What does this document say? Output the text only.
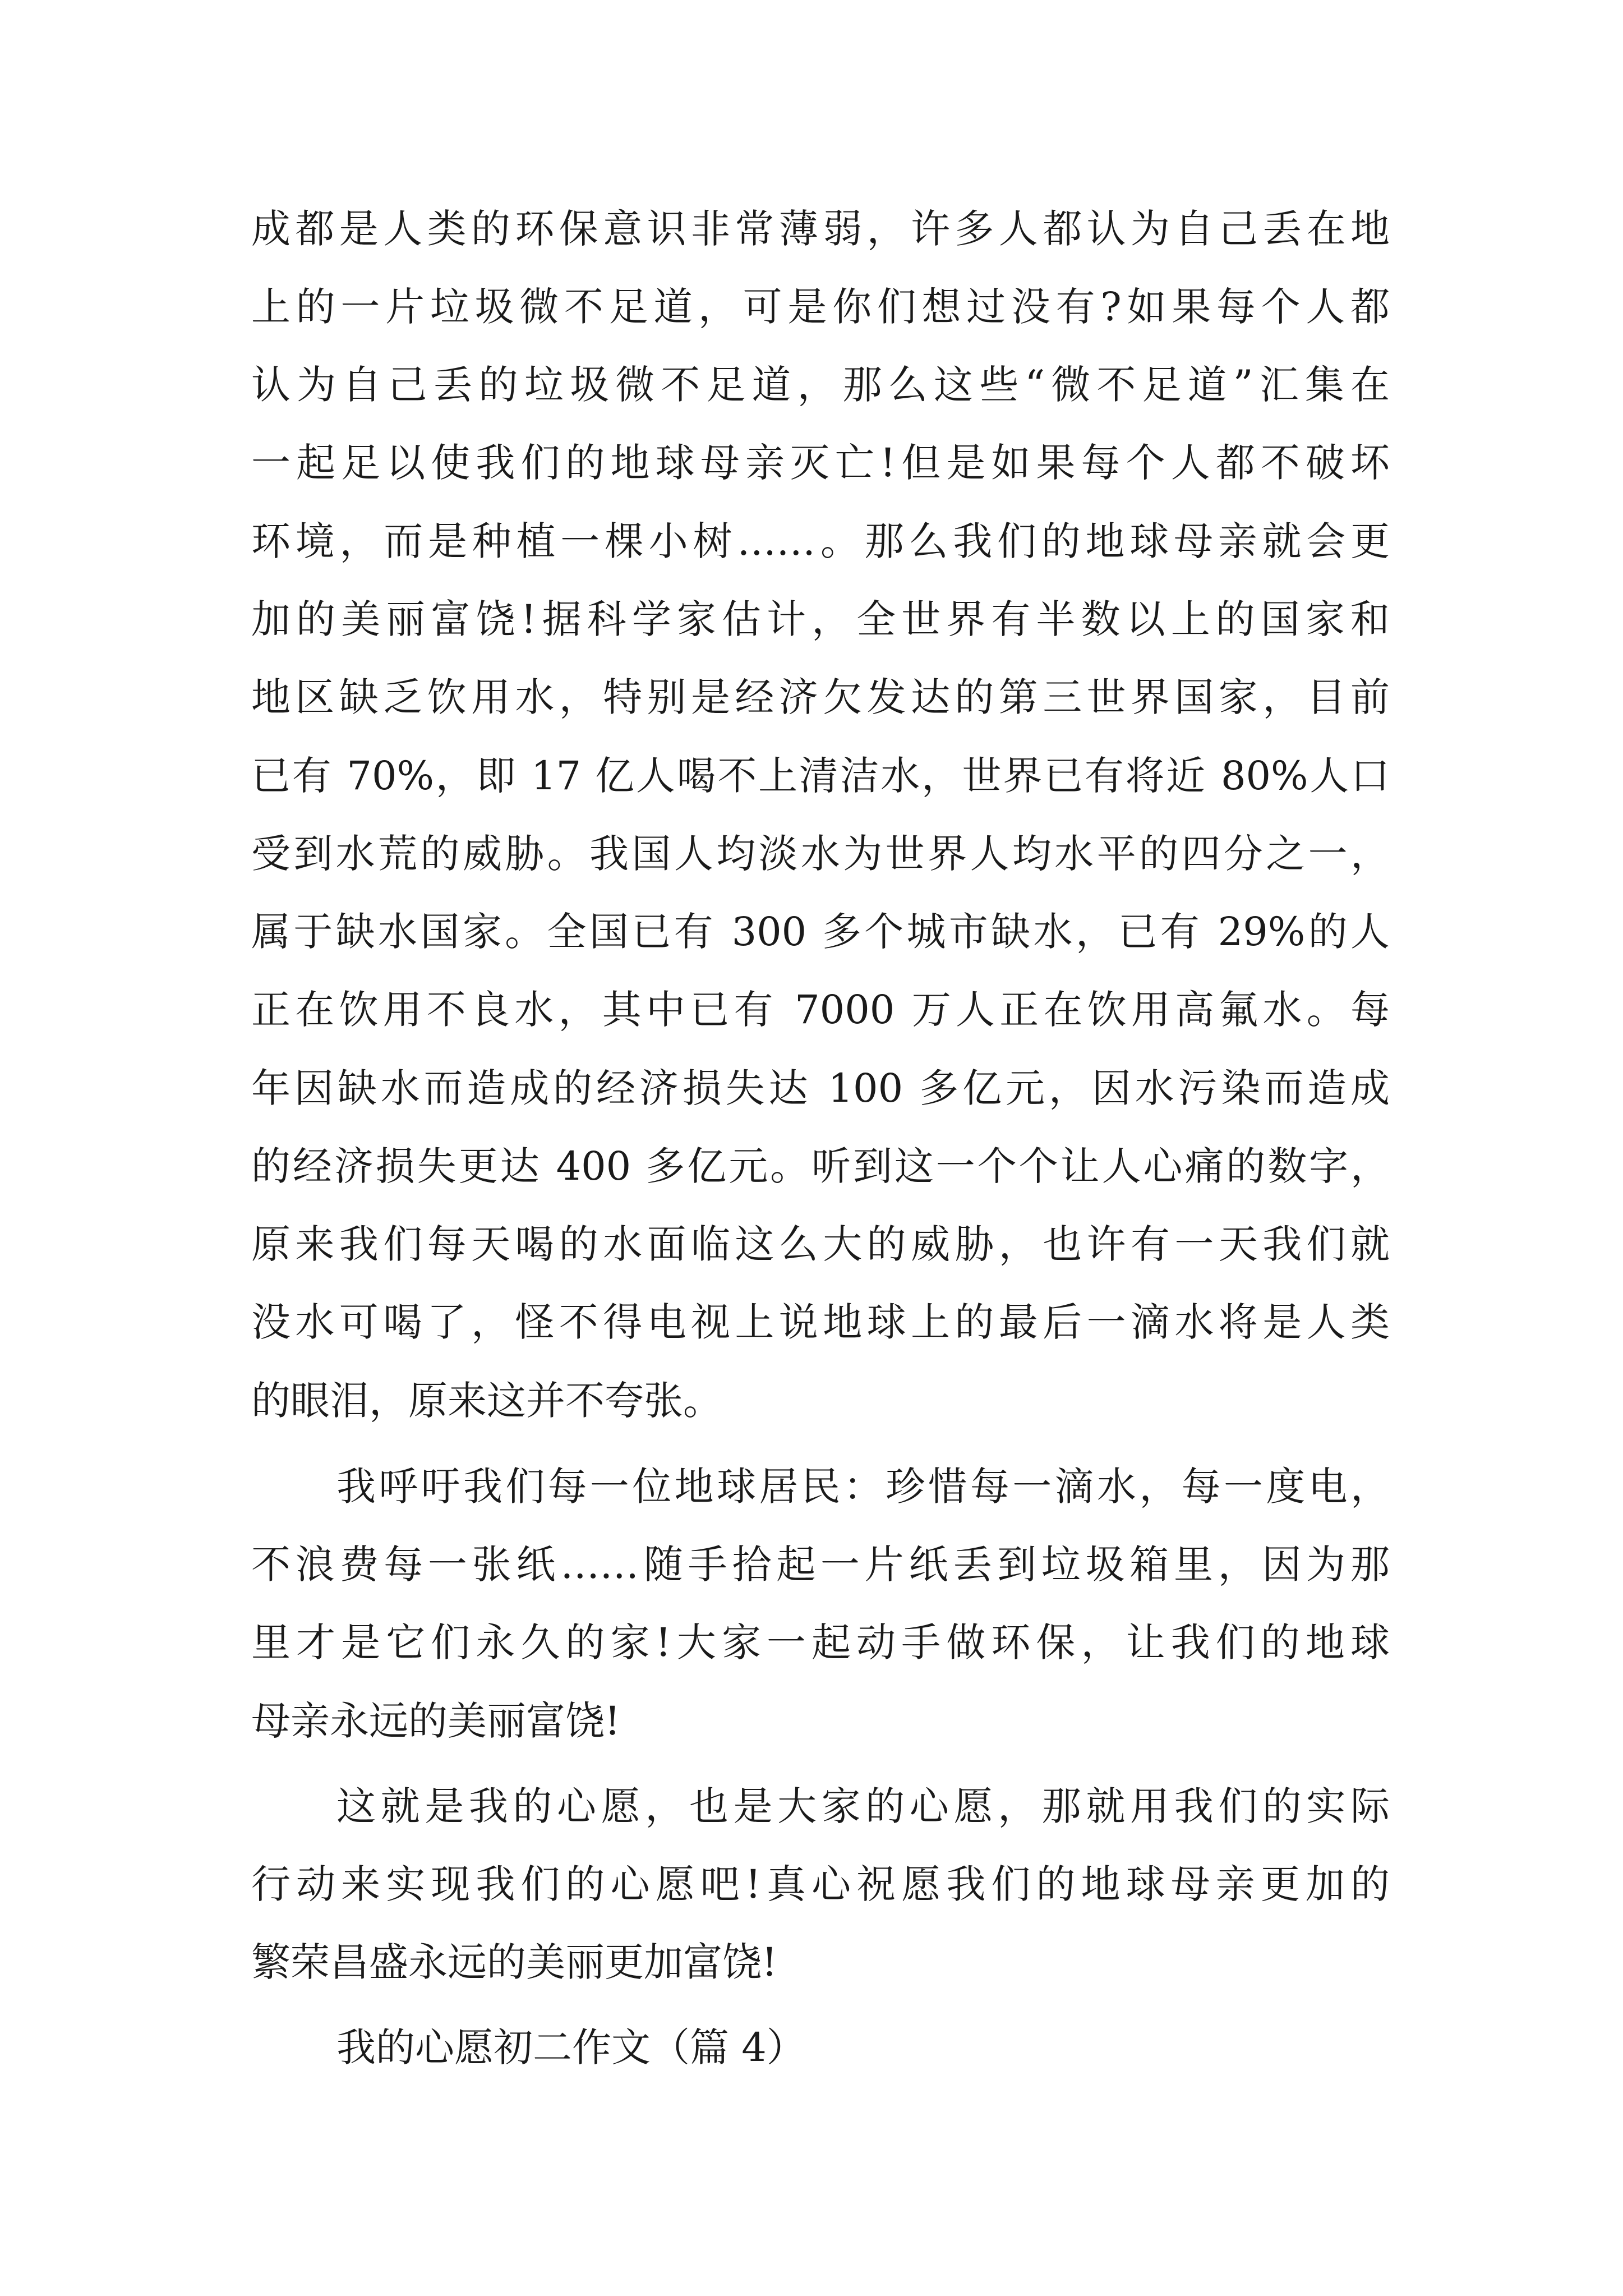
成都是人类的环保意识非常薄弱，许多人都认为自己丢在地
上的一片垃圾微不足道，可是你们想过没有?如果每个人都
认为自己丢的垃圾微不足道，那么这些“微不足道”汇集在
一起足以使我们的地球母亲灭亡!但是如果每个人都不破坏
环境，而是种植一棵小树……。那么我们的地球母亲就会更
加的美丽富饶!据科学家估计，全世界有半数以上的国家和
地区缺乏饮用水，特别是经济欠发达的第三世界国家，目前
已有 70%，即 17 亿人喝不上清洁水，世界已有将近 80%人口
受到水荒的威胁。我国人均淡水为世界人均水平的四分之一，
属于缺水国家。全国已有 300 多个城市缺水，已有 29%的人
正在饮用不良水，其中已有 7000 万人正在饮用高氟水。每
年因缺水而造成的经济损失达 100 多亿元，因水污染而造成
的经济损失更达 400 多亿元。听到这一个个让人心痛的数字，
原来我们每天喝的水面临这么大的威胁，也许有一天我们就
没水可喝了，怪不得电视上说地球上的最后一滴水将是人类
的眼泪，原来这并不夸张。
我呼吁我们每一位地球居民：珍惜每一滴水，每一度电，
不浪费每一张纸……随手拾起一片纸丢到垃圾箱里，因为那
里才是它们永久的家!大家一起动手做环保，让我们的地球
母亲永远的美丽富饶!
这就是我的心愿，也是大家的心愿，那就用我们的实际
行动来实现我们的心愿吧!真心祝愿我们的地球母亲更加的
繁荣昌盛永远的美丽更加富饶!
我的心愿初二作文（篇 4）
